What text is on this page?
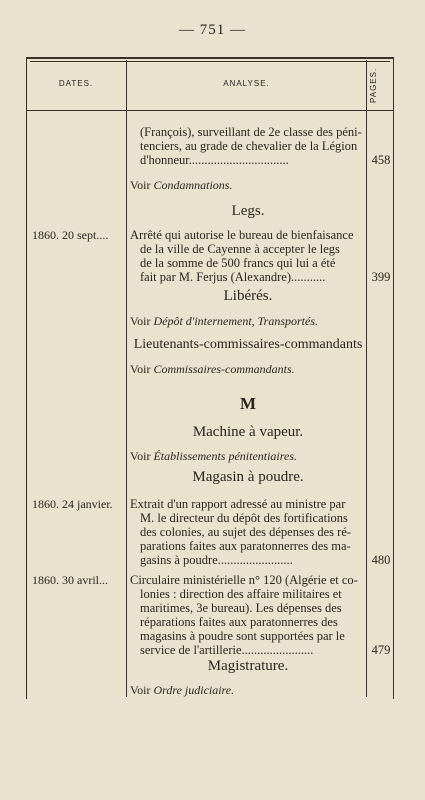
— 751 —
DATES.	ANALYSE.	PAGES.
(François), surveillant de 2e classe des péni-
tenciers, au grade de chevalier de la Légion
d'honneur................................	458
Voir Condamnations.
Legs.
1860. 20 sept....	Arrêté qui autorise le bureau de bienfaisance
de la ville de Cayenne à accepter le legs
de la somme de 500 francs qui lui a été
fait par M. Ferjus (Alexandre)...........	399
Libérés.
Voir Dépôt d'internement, Transportés.
Lieutenants-commissaires-commandants
Voir Commissaires-commandants.
M
Machine à vapeur.
Voir Établissements pénitentiaires.
Magasin à poudre.
1860. 24 janvier.	Extrait d'un rapport adressé au ministre par
M. le directeur du dépôt des fortifications
des colonies, au sujet des dépenses des ré-
parations faites aux paratonnerres des ma-
gasins à poudre........................	480
1860. 30 avril...	Circulaire ministérielle n° 120 (Algérie et co-
lonies : direction des affaire militaires et
maritimes, 3e bureau). Les dépenses des
réparations faites aux paratonnerres des
magasins à poudre sont supportées par le
service de l'artillerie.......................	479
Magistrature.
Voir Ordre judiciaire.
